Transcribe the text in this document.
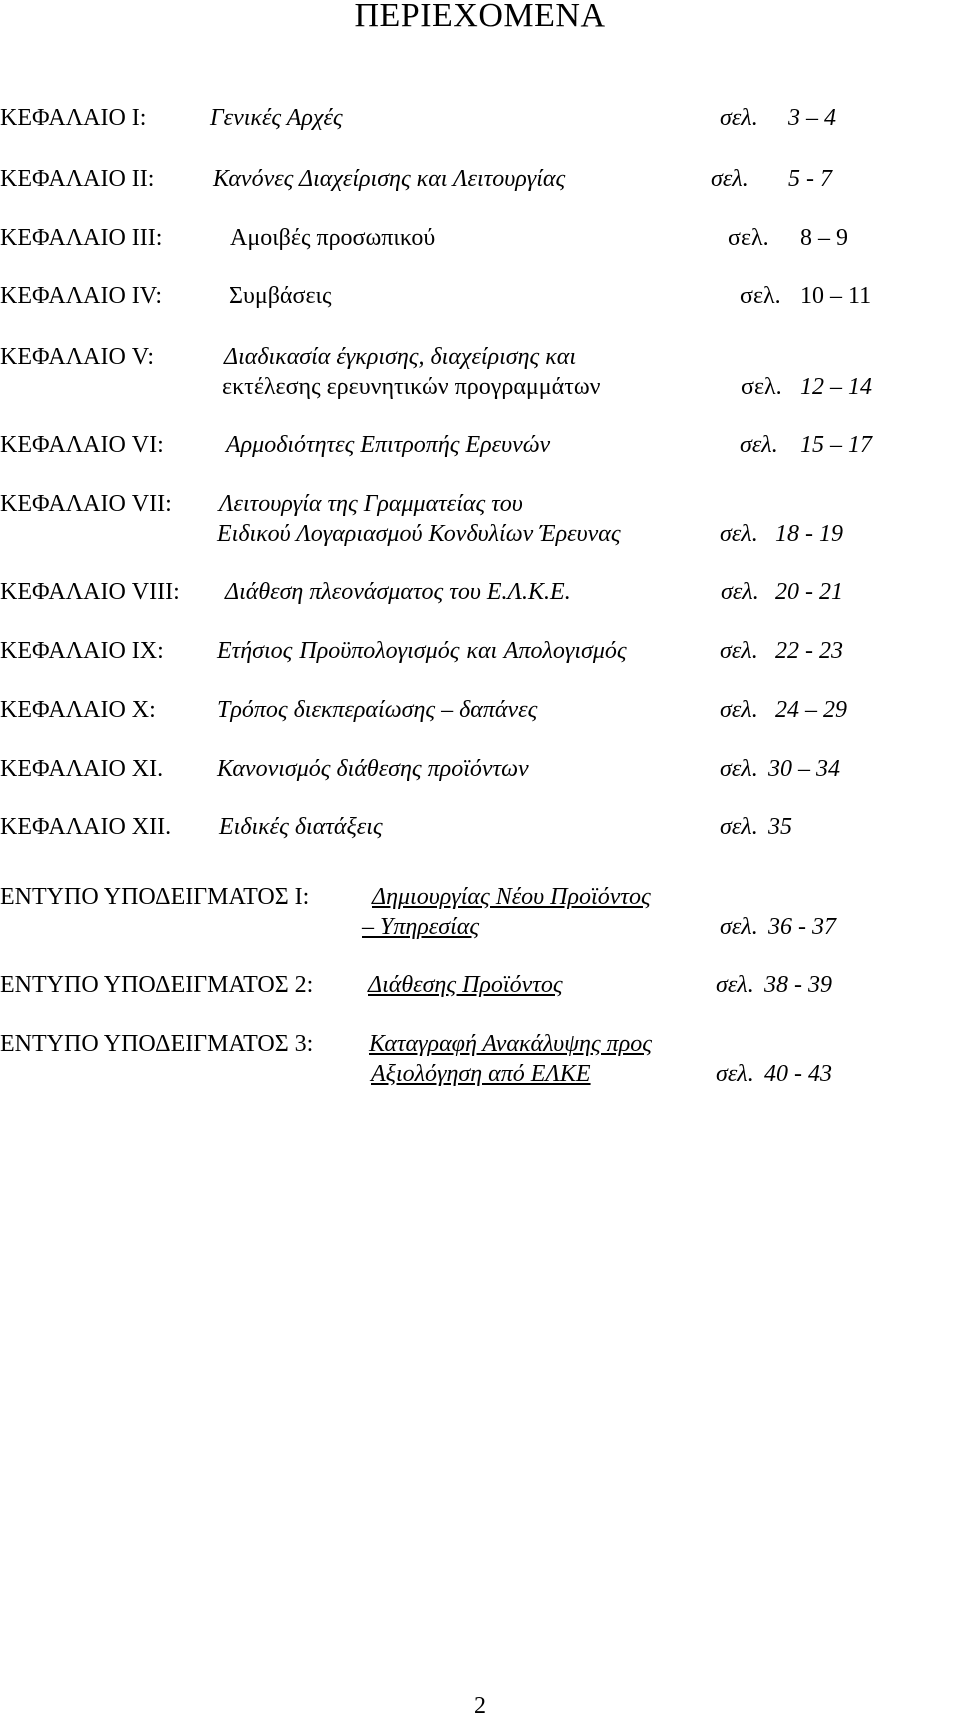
ΠΕΡΙΕΧΟΜΕΝΑ
ΚΕΦΑΛΑΙΟ Ι:	Γενικές Αρχές	σελ. 3 – 4
ΚΕΦΑΛΑΙΟ ΙΙ: Κανόνες Διαχείρισης και Λειτουργίας	σελ. 5 - 7
ΚΕΦΑΛΑΙΟ ΙΙΙ:	Αμοιβές προσωπικού	σελ. 8 – 9
ΚΕΦΑΛΑΙΟ ΙV:	Συμβάσεις	σελ. 10 – 11
ΚΕΦΑΛΑΙΟ V:	Διαδικασία έγκρισης, διαχείρισης και
εκτέλεσης ερευνητικών προγραμμάτων	σελ. 12 – 14
ΚΕΦΑΛΑΙΟ VI:	Αρμοδιότητες Επιτροπής Ερευνών	σελ. 15 – 17
ΚΕΦΑΛΑΙΟ VII: Λειτουργία της Γραμματείας του
Ειδικού Λογαριασμού Κονδυλίων Έρευνας	σελ. 18 - 19
ΚΕΦΑΛΑΙΟ VIII: Διάθεση πλεονάσματος του Ε.Λ.Κ.Ε.	σελ. 20 - 21
ΚΕΦΑΛΑΙΟ ΙΧ: Ετήσιος Προϋπολογισμός και Απολογισμός	σελ. 22 - 23
ΚΕΦΑΛΑΙΟ Χ:	Τρόπος διεκπεραίωσης – δαπάνες	σελ. 24 – 29
ΚΕΦΑΛΑΙΟ ΧΙ. Κανονισμός διάθεσης προϊόντων	σελ. 30 – 34
ΚΕΦΑΛΑΙΟ ΧΙΙ. Ειδικές διατάξεις	σελ. 35
ΕΝΤΥΠΟ ΥΠΟΔΕΙΓΜΑΤΟΣ Ι:	Δημιουργίας Νέου Προϊόντος
– Υπηρεσίας	σελ. 36 - 37
ΕΝΤΥΠΟ ΥΠΟΔΕΙΓΜΑΤΟΣ 2: Διάθεσης Προϊόντος	σελ. 38 - 39
ΕΝΤΥΠΟ ΥΠΟΔΕΙΓΜΑΤΟΣ 3: Καταγραφή Ανακάλυψης προς
Αξιολόγηση από ΕΛΚΕ	σελ. 40 - 43
2
